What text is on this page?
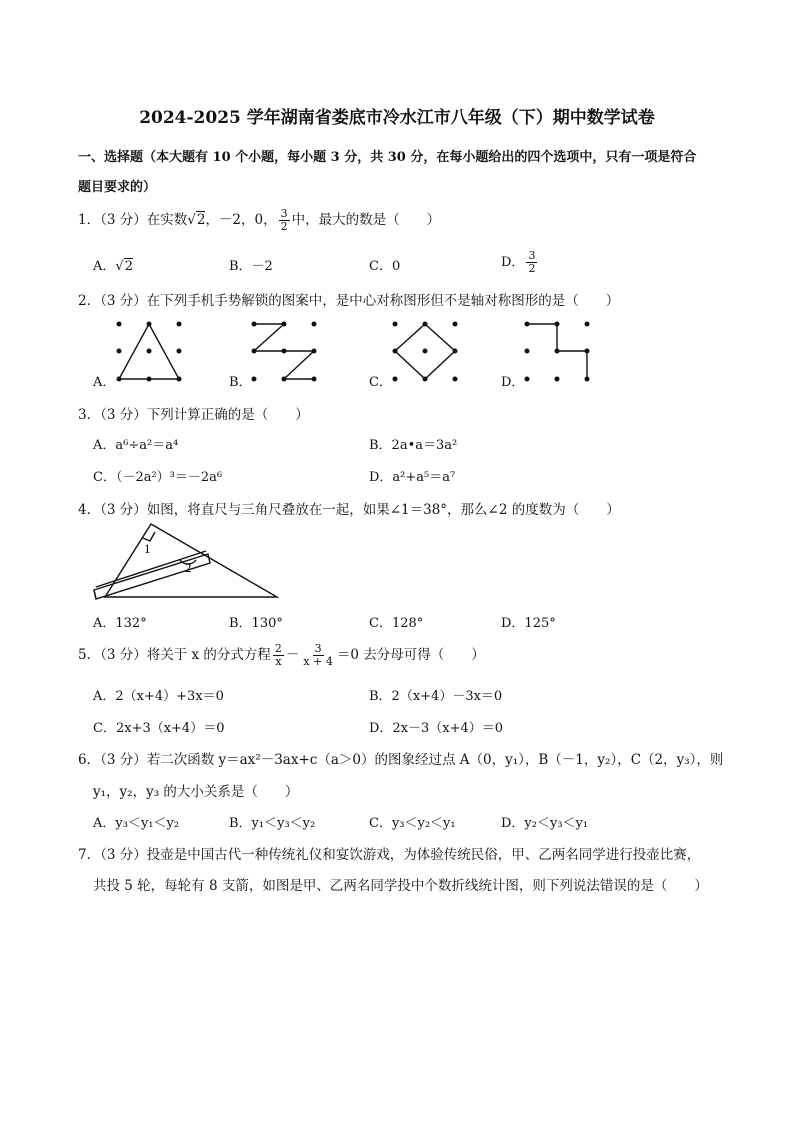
2024-2025 学年湖南省娄底市冷水江市八年级（下）期中数学试卷
一、选择题（本大题有 10 个小题，每小题 3 分，共 30 分，在每小题给出的四个选项中，只有一项是符合
题目要求的）
1．（3 分）在实数√2，－2，0， $\frac{3}{2}$ 中，最大的数是（　　）
A．√2	B．－2	C．0	D． $\frac{3}{2}$
2．（3 分）在下列手机手势解锁的图案中，是中心对称图形但不是轴对称图形的是（　　）
A．	B．	C．	D．
3．（3 分）下列计算正确的是（　　）
A．a⁶÷a²＝a⁴	B．2a•a＝3a²
C．（－2a²）³＝－2a⁶	D．a²+a⁵＝a⁷
4．（3 分）如图，将直尺与三角尺叠放在一起，如果∠1＝38°，那么∠2 的度数为（　　）
1
2
A．132°	B．130°	C．128°	D．125°
5．（3 分）将关于 x 的分式方程 $\frac{2}{x} - \frac{3}{x + 4} =0$ 去分母可得（　　）
A．2（x+4）+3x＝0	B．2（x+4）－3x＝0
C．2x+3（x+4）＝0	D．2x－3（x+4）＝0
6．（3 分）若二次函数 y＝ax²－3ax+c（a＞0）的图象经过点 A（0，y₁），B（－1，y₂），C（2，y₃），则
y₁，y₂，y₃ 的大小关系是（　　）
A．y₃＜y₁＜y₂	B．y₁＜y₃＜y₂	C．y₃＜y₂＜y₁	D．y₂＜y₃＜y₁
7．（3 分）投壶是中国古代一种传统礼仪和宴饮游戏，为体验传统民俗，甲、乙两名同学进行投壶比赛，
共投 5 轮，每轮有 8 支箭，如图是甲、乙两名同学投中个数折线统计图，则下列说法错误的是（　　）
